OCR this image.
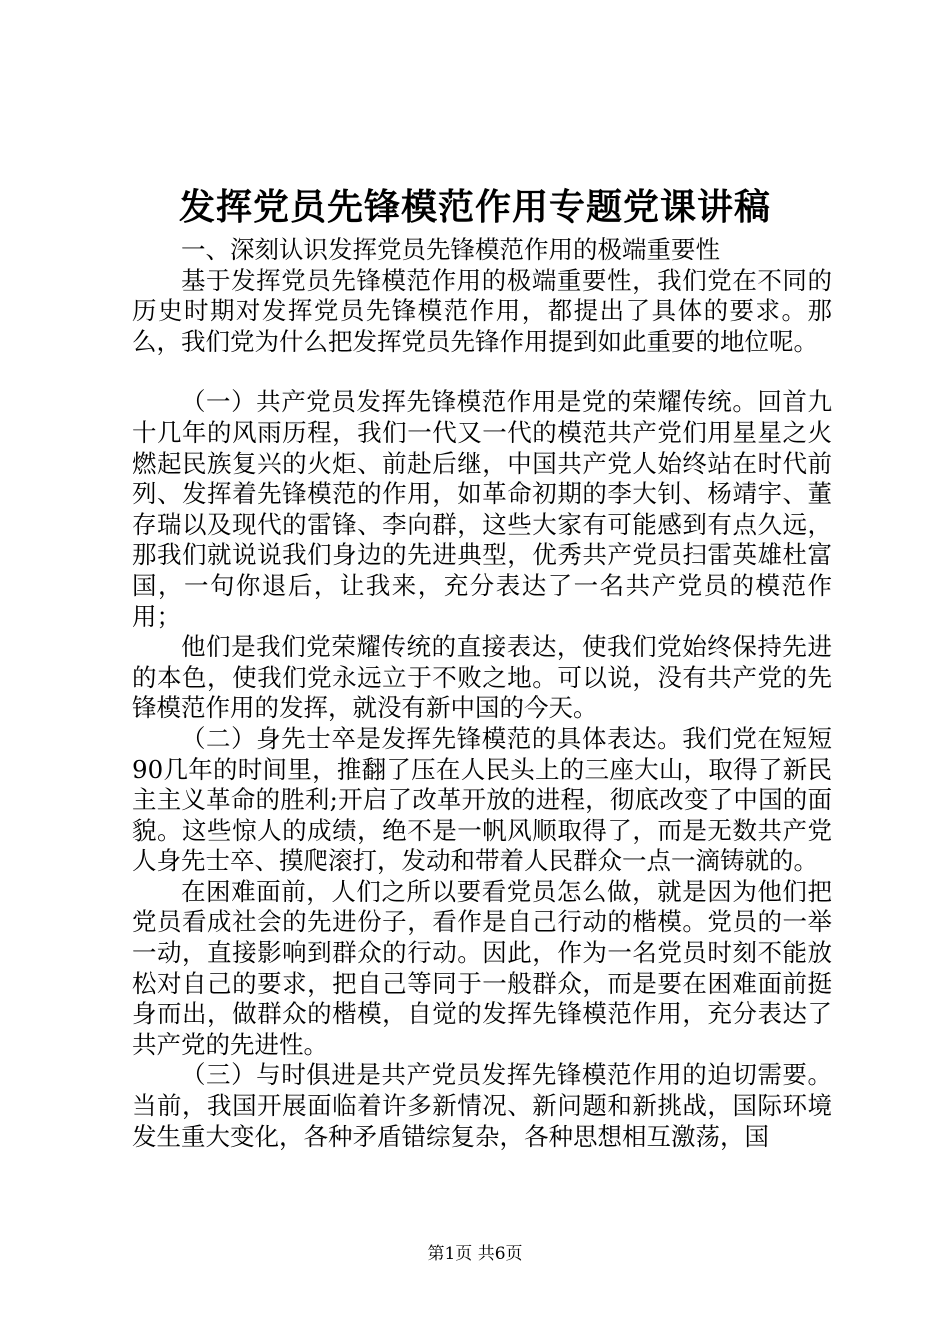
发挥党员先锋模范作用专题党课讲稿

一、深刻认识发挥党员先锋模范作用的极端重要性

基于发挥党员先锋模范作用的极端重要性，我们党在不同的历史时期对发挥党员先锋模范作用，都提出了具体的要求。那么，我们党为什么把发挥党员先锋作用提到如此重要的地位呢。

（一）共产党员发挥先锋模范作用是党的荣耀传统。回首九十几年的风雨历程，我们一代又一代的模范共产党们用星星之火燃起民族复兴的火炬、前赴后继，中国共产党人始终站在时代前列、发挥着先锋模范的作用，如革命初期的李大钊、杨靖宇、董存瑞以及现代的雷锋、李向群，这些大家有可能感到有点久远，那我们就说说我们身边的先进典型，优秀共产党员扫雷英雄杜富国，一句你退后，让我来，充分表达了一名共产党员的模范作用；

他们是我们党荣耀传统的直接表达，使我们党始终保持先进的本色，使我们党永远立于不败之地。可以说，没有共产党的先锋模范作用的发挥，就没有新中国的今天。

（二）身先士卒是发挥先锋模范的具体表达。我们党在短短90几年的时间里，推翻了压在人民头上的三座大山，取得了新民主主义革命的胜利;开启了改革开放的进程，彻底改变了中国的面貌。这些惊人的成绩，绝不是一帆风顺取得了，而是无数共产党人身先士卒、摸爬滚打，发动和带着人民群众一点一滴铸就的。

在困难面前，人们之所以要看党员怎么做，就是因为他们把党员看成社会的先进份子，看作是自己行动的楷模。党员的一举一动，直接影响到群众的行动。因此，作为一名党员时刻不能放松对自己的要求，把自己等同于一般群众，而是要在困难面前挺身而出，做群众的楷模，自觉的发挥先锋模范作用，充分表达了共产党的先进性。

（三）与时俱进是共产党员发挥先锋模范作用的迫切需要。当前，我国开展面临着许多新情况、新问题和新挑战，国际环境发生重大变化，各种矛盾错综复杂，各种思想相互激荡，国

第1页 共6页
